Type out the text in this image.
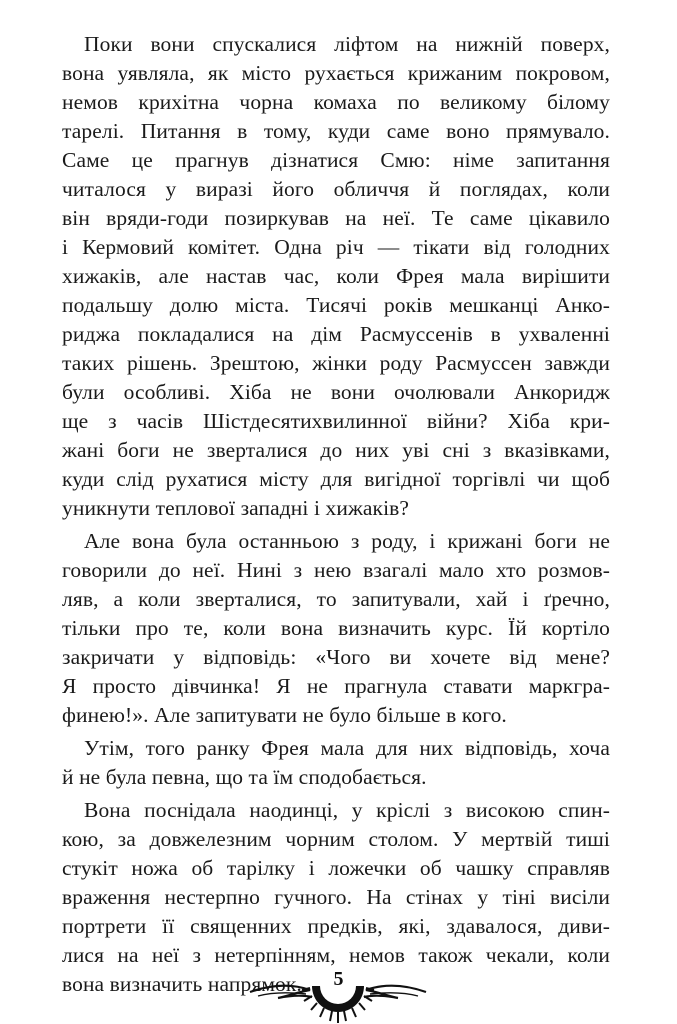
Поки вони спускалися ліфтом на нижній поверх,
вона уявляла, як місто рухається крижаним покровом,
немов крихітна чорна комаха по великому білому
тарелі. Питання в тому, куди саме воно прямувало.
Саме це прагнув дізнатися Смю: німе запитання
читалося у виразі його обличчя й поглядах, коли
він вряди-годи позиркував на неї. Те саме цікавило
і Кермовий комітет. Одна річ — тікати від голодних
хижаків, але настав час, коли Фрея мала вирішити
подальшу долю міста. Тисячі років мешканці Анко-
риджа покладалися на дім Расмуссенів в ухваленні
таких рішень. Зрештою, жінки роду Расмуссен завжди
були особливі. Хіба не вони очолювали Анкоридж
ще з часів Шістдесятихвилинної війни? Хіба кри-
жані боги не зверталися до них уві сні з вказівками,
куди слід рухатися місту для вигідної торгівлі чи щоб
уникнути теплової западні і хижаків?
Але вона була останньою з роду, і крижані боги не
говорили до неї. Нині з нею взагалі мало хто розмов-
ляв, а коли зверталися, то запитували, хай і ґречно,
тільки про те, коли вона визначить курс. Їй кортіло
закричати у відповідь: «Чого ви хочете від мене?
Я просто дівчинка! Я не прагнула ставати маркгра-
финею!». Але запитувати не було більше в кого.
Утім, того ранку Фрея мала для них відповідь, хоча
й не була певна, що та їм сподобається.
Вона поснідала наодинці, у кріслі з високою спин-
кою, за довжелезним чорним столом. У мертвій тиші
стукіт ножа об тарілку і ложечки об чашку справляв
враження нестерпно гучного. На стінах у тіні висіли
портрети її священних предків, які, здавалося, диви-
лися на неї з нетерпінням, немов також чекали, коли
вона визначить напрямок.	5
